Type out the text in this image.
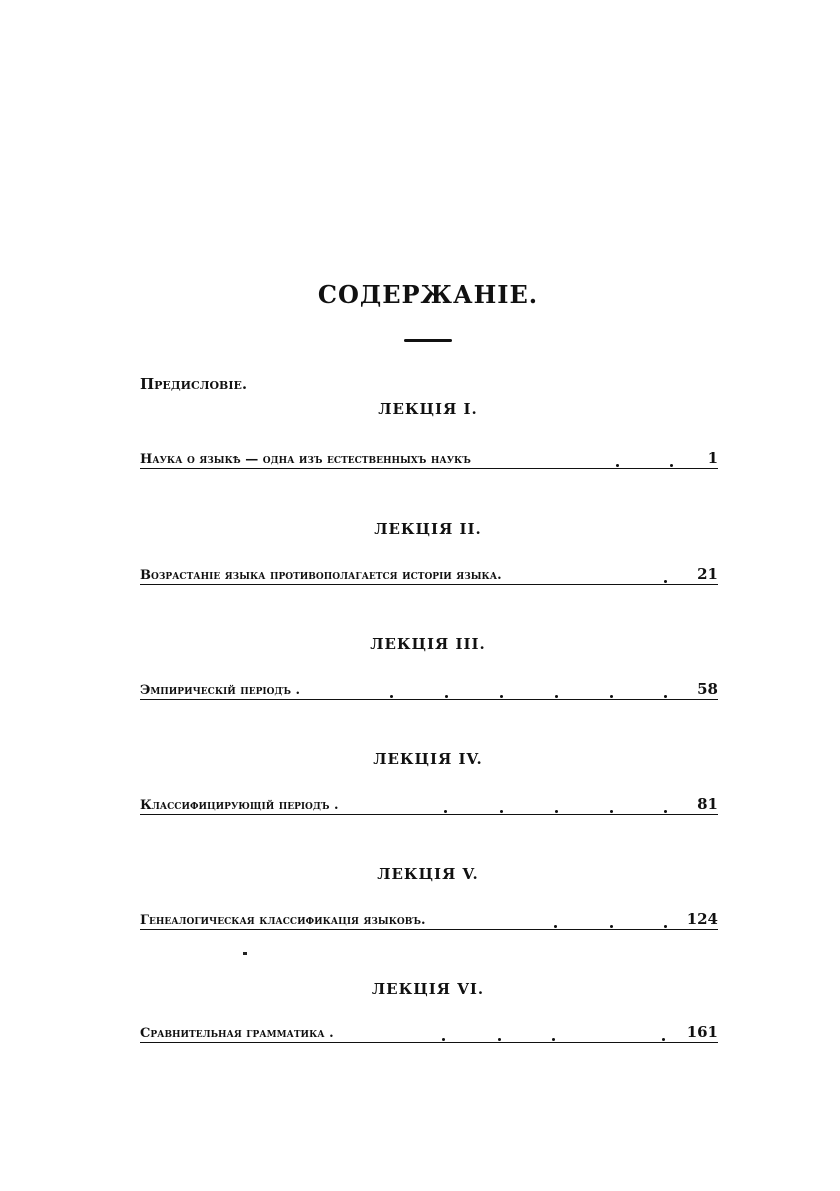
СОДЕРЖАНIЕ.
Предисловiе.
ЛЕКЦIЯ I.
Наука о языкѣ — одна изъ естественныхъ наукъ	1
ЛЕКЦIЯ II.
Возрастанiе языка противополагается исторiи языка.	21
ЛЕКЦIЯ III.
Эмпирическiй перiодъ .	58
ЛЕКЦIЯ IV.
Классифицирующiй перiодъ .	81
ЛЕКЦIЯ V.
Генеалогическая классификацiя языковъ.	124
ЛЕКЦIЯ VI.
Сравнительная грамматика .	161
